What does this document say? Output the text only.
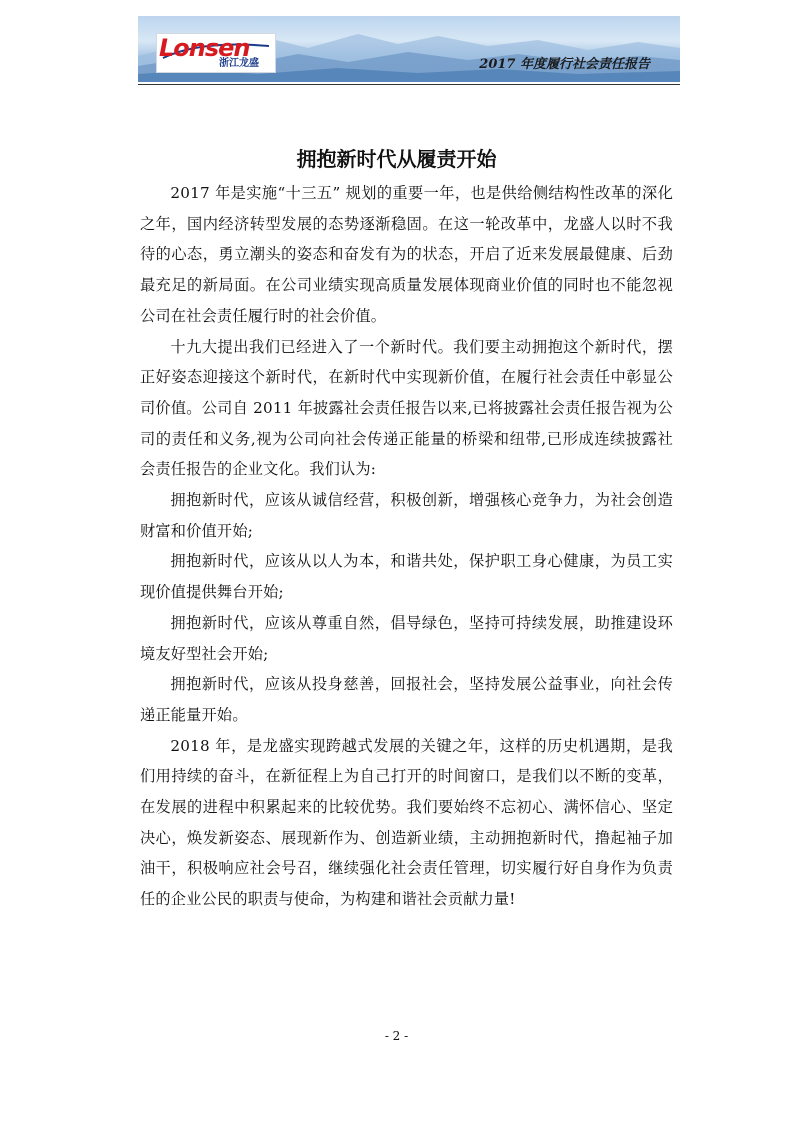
Lonsen
浙江龙盛	2017 年度履行社会责任报告
拥抱新时代从履责开始

2017 年是实施“十三五” 规划的重要一年，也是供给侧结构性改革的深化之年，国内经济转型发展的态势逐渐稳固。在这一轮改革中，龙盛人以时不我待的心态，勇立潮头的姿态和奋发有为的状态，开启了近来发展最健康、后劲最充足的新局面。在公司业绩实现高质量发展体现商业价值的同时也不能忽视公司在社会责任履行时的社会价值。

十九大提出我们已经进入了一个新时代。我们要主动拥抱这个新时代，摆正好姿态迎接这个新时代，在新时代中实现新价值，在履行社会责任中彰显公司价值。公司自 2011 年披露社会责任报告以来,已将披露社会责任报告视为公司的责任和义务,视为公司向社会传递正能量的桥梁和纽带,已形成连续披露社会责任报告的企业文化。我们认为:

拥抱新时代，应该从诚信经营，积极创新，增强核心竞争力，为社会创造财富和价值开始;

拥抱新时代，应该从以人为本，和谐共处，保护职工身心健康，为员工实现价值提供舞台开始;

拥抱新时代，应该从尊重自然，倡导绿色，坚持可持续发展，助推建设环境友好型社会开始;

拥抱新时代，应该从投身慈善，回报社会，坚持发展公益事业，向社会传递正能量开始。

2018 年，是龙盛实现跨越式发展的关键之年，这样的历史机遇期，是我们用持续的奋斗，在新征程上为自己打开的时间窗口，是我们以不断的变革，在发展的进程中积累起来的比较优势。我们要始终不忘初心、满怀信心、坚定决心，焕发新姿态、展现新作为、创造新业绩，主动拥抱新时代，撸起袖子加油干，积极响应社会号召，继续强化社会责任管理，切实履行好自身作为负责任的企业公民的职责与使命，为构建和谐社会贡献力量!

- 2 -
